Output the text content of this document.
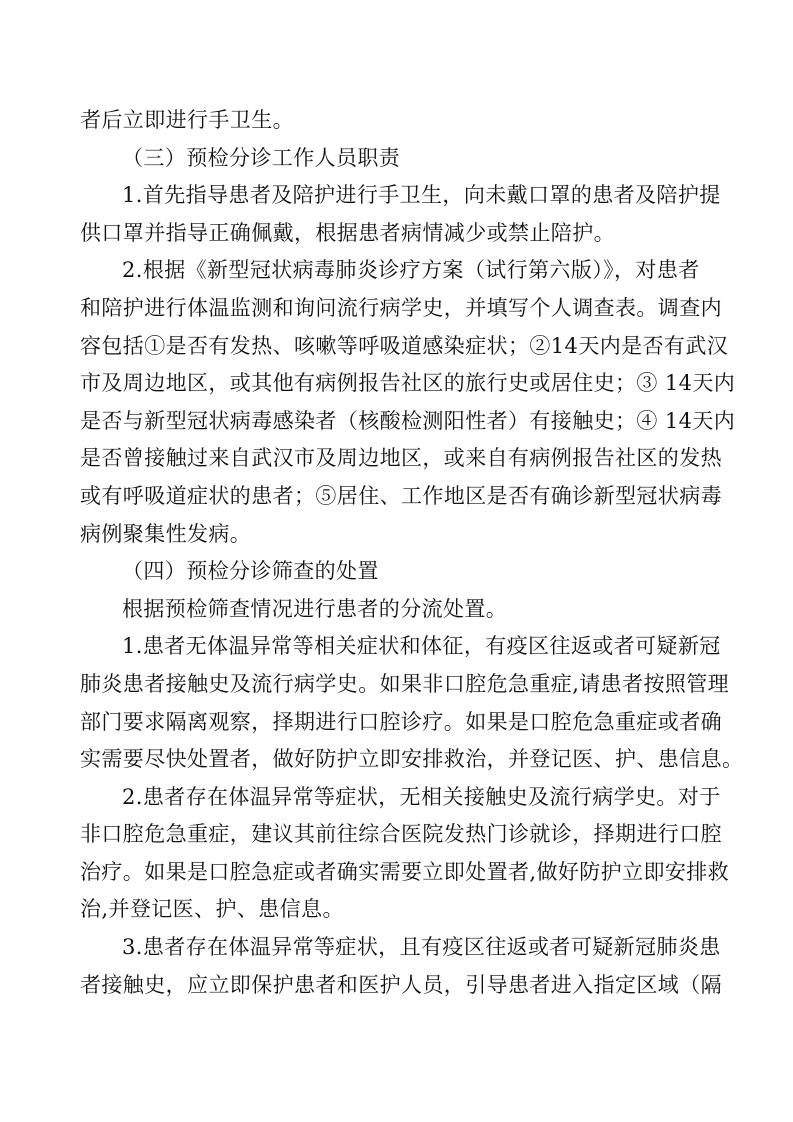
者后立即进行手卫生。
（三）预检分诊工作人员职责
1.首先指导患者及陪护进行手卫生，向未戴口罩的患者及陪护提
供口罩并指导正确佩戴，根据患者病情减少或禁止陪护。
2.根据《新型冠状病毒肺炎诊疗方案（试行第六版）》，对患者
和陪护进行体温监测和询问流行病学史，并填写个人调查表。调查内
容包括①是否有发热、咳嗽等呼吸道感染症状；②14天内是否有武汉
市及周边地区，或其他有病例报告社区的旅行史或居住史；③ 14天内
是否与新型冠状病毒感染者（核酸检测阳性者）有接触史；④ 14天内
是否曾接触过来自武汉市及周边地区，或来自有病例报告社区的发热
或有呼吸道症状的患者；⑤居住、工作地区是否有确诊新型冠状病毒
病例聚集性发病。
（四）预检分诊筛查的处置
根据预检筛查情况进行患者的分流处置。
1.患者无体温异常等相关症状和体征，有疫区往返或者可疑新冠
肺炎患者接触史及流行病学史。如果非口腔危急重症,请患者按照管理
部门要求隔离观察，择期进行口腔诊疗。如果是口腔危急重症或者确
实需要尽快处置者，做好防护立即安排救治，并登记医、护、患信息。
2.患者存在体温异常等症状，无相关接触史及流行病学史。对于
非口腔危急重症，建议其前往综合医院发热门诊就诊，择期进行口腔
治疗。如果是口腔急症或者确实需要立即处置者,做好防护立即安排救
治,并登记医、护、患信息。
3.患者存在体温异常等症状，且有疫区往返或者可疑新冠肺炎患
者接触史，应立即保护患者和医护人员，引导患者进入指定区域（隔
